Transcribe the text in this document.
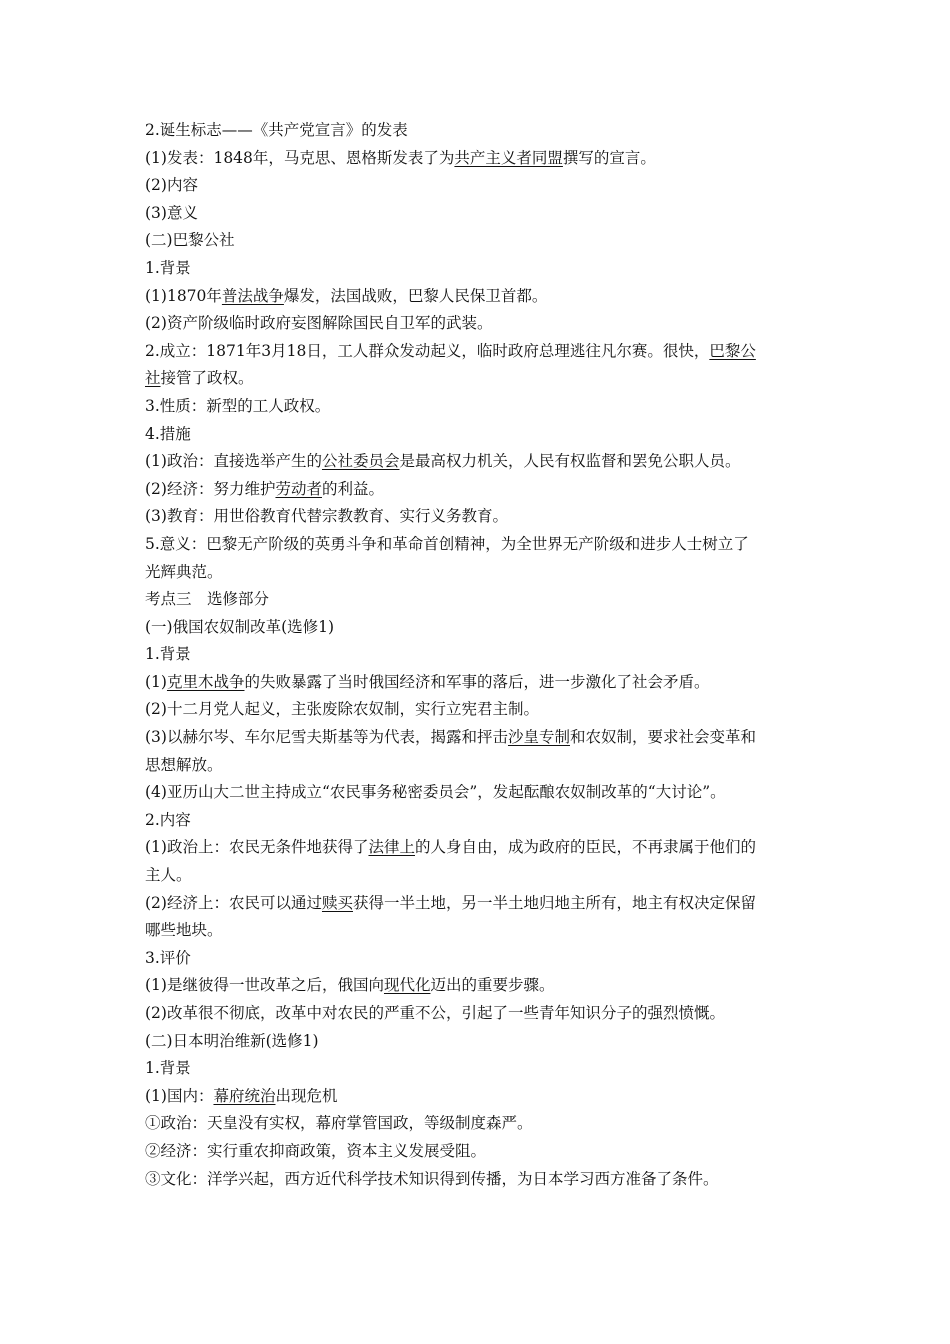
2.诞生标志——《共产党宣言》的发表
(1)发表：1848年，马克思、恩格斯发表了为共产主义者同盟撰写的宣言。
(2)内容
(3)意义
(二)巴黎公社
1.背景
(1)1870年普法战争爆发，法国战败，巴黎人民保卫首都。
(2)资产阶级临时政府妄图解除国民自卫军的武装。
2.成立：1871年3月18日，工人群众发动起义，临时政府总理逃往凡尔赛。很快，巴黎公
社接管了政权。
3.性质：新型的工人政权。
4.措施
(1)政治：直接选举产生的公社委员会是最高权力机关，人民有权监督和罢免公职人员。
(2)经济：努力维护劳动者的利益。
(3)教育：用世俗教育代替宗教教育、实行义务教育。
5.意义：巴黎无产阶级的英勇斗争和革命首创精神，为全世界无产阶级和进步人士树立了
光辉典范。
考点三　选修部分
(一)俄国农奴制改革(选修1)
1.背景
(1)克里木战争的失败暴露了当时俄国经济和军事的落后，进一步激化了社会矛盾。
(2)十二月党人起义，主张废除农奴制，实行立宪君主制。
(3)以赫尔岑、车尔尼雪夫斯基等为代表，揭露和抨击沙皇专制和农奴制，要求社会变革和
思想解放。
(4)亚历山大二世主持成立“农民事务秘密委员会”，发起酝酿农奴制改革的“大讨论”。
2.内容
(1)政治上：农民无条件地获得了法律上的人身自由，成为政府的臣民，不再隶属于他们的
主人。
(2)经济上：农民可以通过赎买获得一半土地，另一半土地归地主所有，地主有权决定保留
哪些地块。
3.评价
(1)是继彼得一世改革之后，俄国向现代化迈出的重要步骤。
(2)改革很不彻底，改革中对农民的严重不公，引起了一些青年知识分子的强烈愤慨。
(二)日本明治维新(选修1)
1.背景
(1)国内：幕府统治出现危机
①政治：天皇没有实权，幕府掌管国政，等级制度森严。
②经济：实行重农抑商政策，资本主义发展受阻。
③文化：洋学兴起，西方近代科学技术知识得到传播，为日本学习西方准备了条件。
